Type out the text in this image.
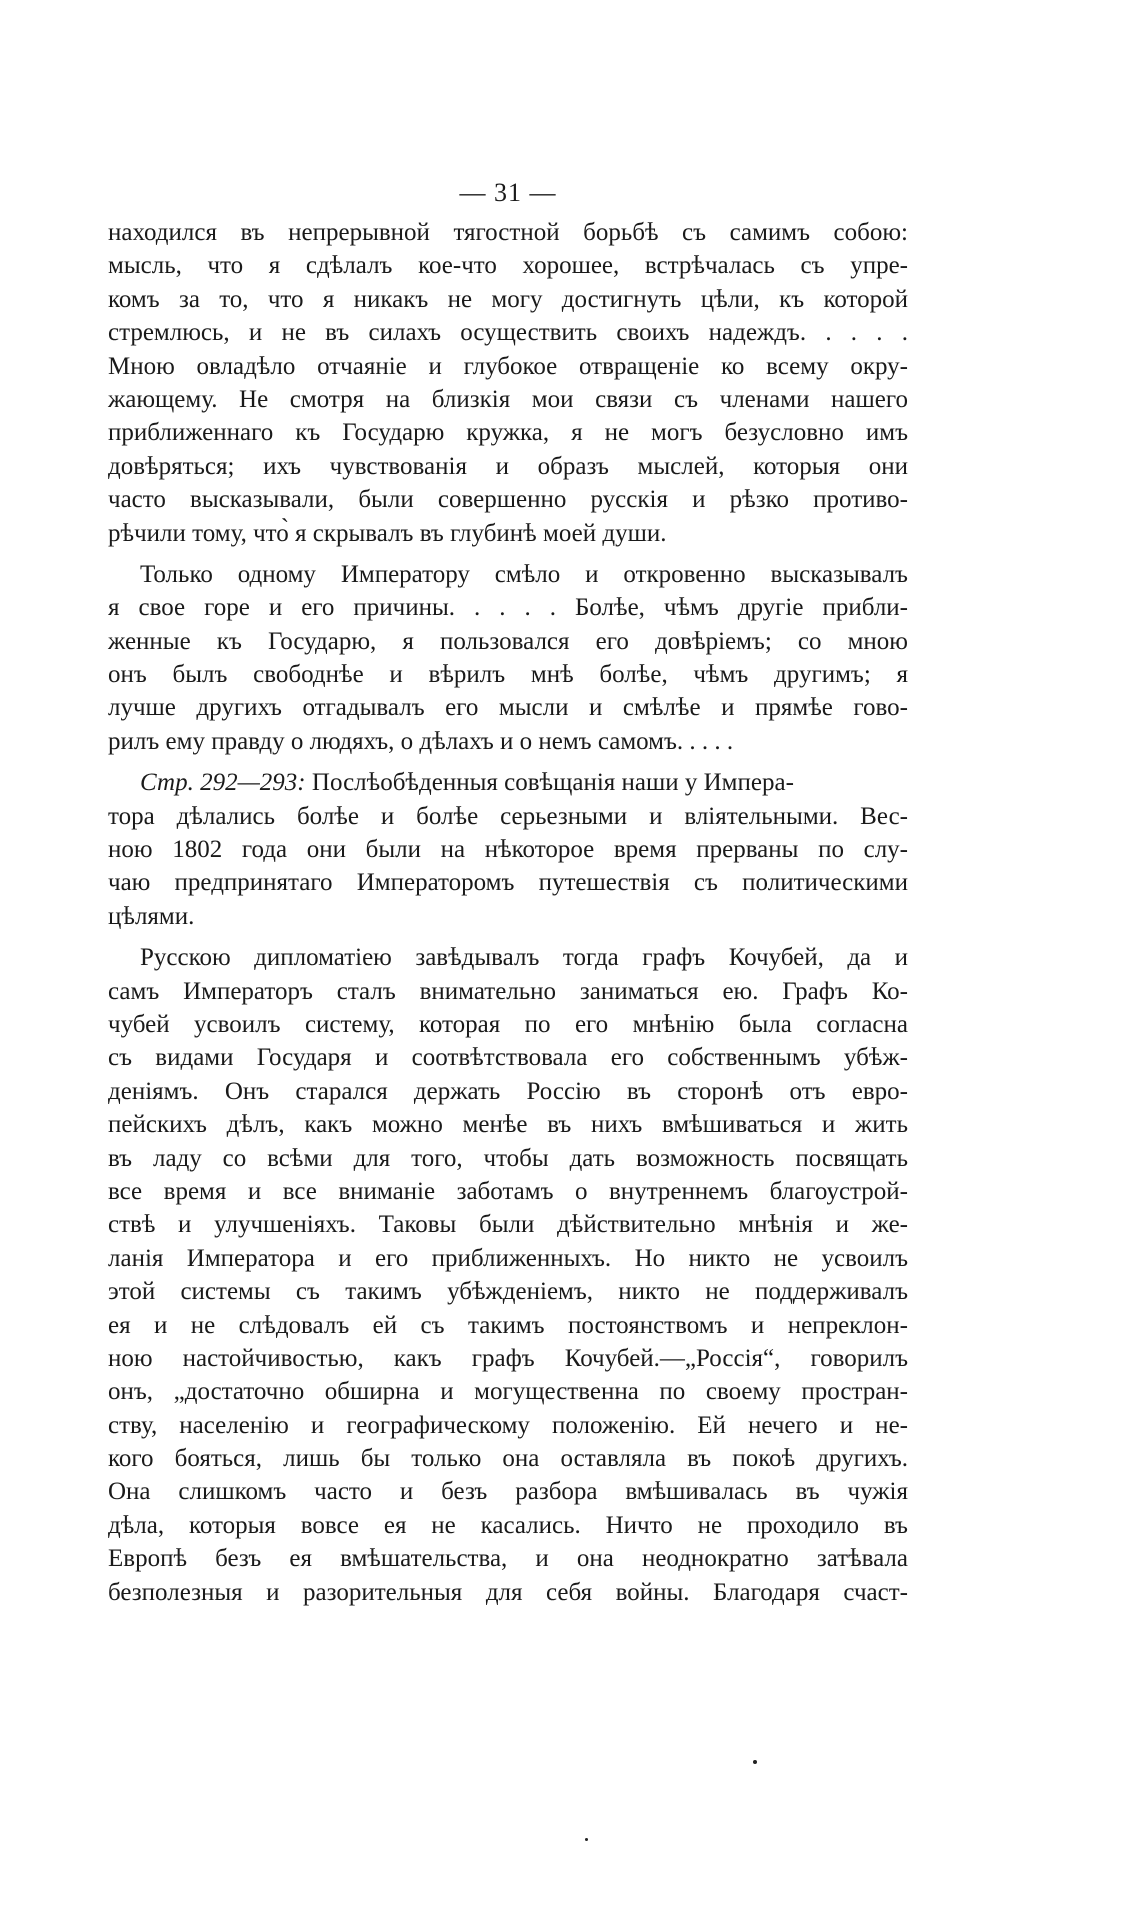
— 31 —
находился въ непрерывной тягостной борьбѣ съ самимъ собою:
мысль, что я сдѣлалъ кое-что хорошее, встрѣчалась съ упре-
комъ за то, что я никакъ не могу достигнуть цѣли, къ которой
стремлюсь, и не въ силахъ осуществить своихъ надеждъ. . . . .
Мною овладѣло отчаяніе и глубокое отвращеніе ко всему окру-
жающему. Не смотря на близкія мои связи съ членами нашего
приближеннаго къ Государю кружка, я не могъ безусловно имъ
довѣряться; ихъ чувствованія и образъ мыслей, которыя они
часто высказывали, были совершенно русскія и рѣзко противо-
рѣчили тому, что̀ я скрывалъ въ глубинѣ моей души.
Только одному Императору смѣло и откровенно высказывалъ
я свое горе и его причины. . . . . Болѣе, чѣмъ другіе прибли-
женные къ Государю, я пользовался его довѣріемъ; со мною
онъ былъ свободнѣе и вѣрилъ мнѣ болѣе, чѣмъ другимъ; я
лучше другихъ отгадывалъ его мысли и смѣлѣе и прямѣе гово-
рилъ ему правду о людяхъ, о дѣлахъ и о немъ самомъ. . . . .
Стр. 292—293: Послѣобѣденныя совѣщанія наши у Импера-
тора дѣлались болѣе и болѣе серьезными и вліятельными. Вес-
ною 1802 года они были на нѣкоторое время прерваны по слу-
чаю предпринятаго Императоромъ путешествія съ политическими
цѣлями.
Русскою дипломатіею завѣдывалъ тогда графъ Кочубей, да и
самъ Императоръ сталъ внимательно заниматься ею. Графъ Ко-
чубей усвоилъ систему, которая по его мнѣнію была согласна
съ видами Государя и соотвѣтствовала его собственнымъ убѣж-
деніямъ. Онъ старался держать Россію въ сторонѣ отъ евро-
пейскихъ дѣлъ, какъ можно менѣе въ нихъ вмѣшиваться и жить
въ ладу со всѣми для того, чтобы дать возможность посвящать
все время и все вниманіе заботамъ о внутреннемъ благоустрой-
ствѣ и улучшеніяхъ. Таковы были дѣйствительно мнѣнія и же-
ланія Императора и его приближенныхъ. Но никто не усвоилъ
этой системы съ такимъ убѣжденіемъ, никто не поддерживалъ
ея и не слѣдовалъ ей съ такимъ постоянствомъ и непреклон-
ною настойчивостью, какъ графъ Кочубей.—„Россія“, говорилъ
онъ, „достаточно обширна и могущественна по своему простран-
ству, населенію и географическому положенію. Ей нечего и не-
кого бояться, лишь бы только она оставляла въ покоѣ другихъ.
Она слишкомъ часто и безъ разбора вмѣшивалась въ чужія
дѣла, которыя вовсе ея не касались. Ничто не проходило въ
Европѣ безъ ея вмѣшательства, и она неоднократно затѣвала
безполезныя и разорительныя для себя войны. Благодаря счаст-
